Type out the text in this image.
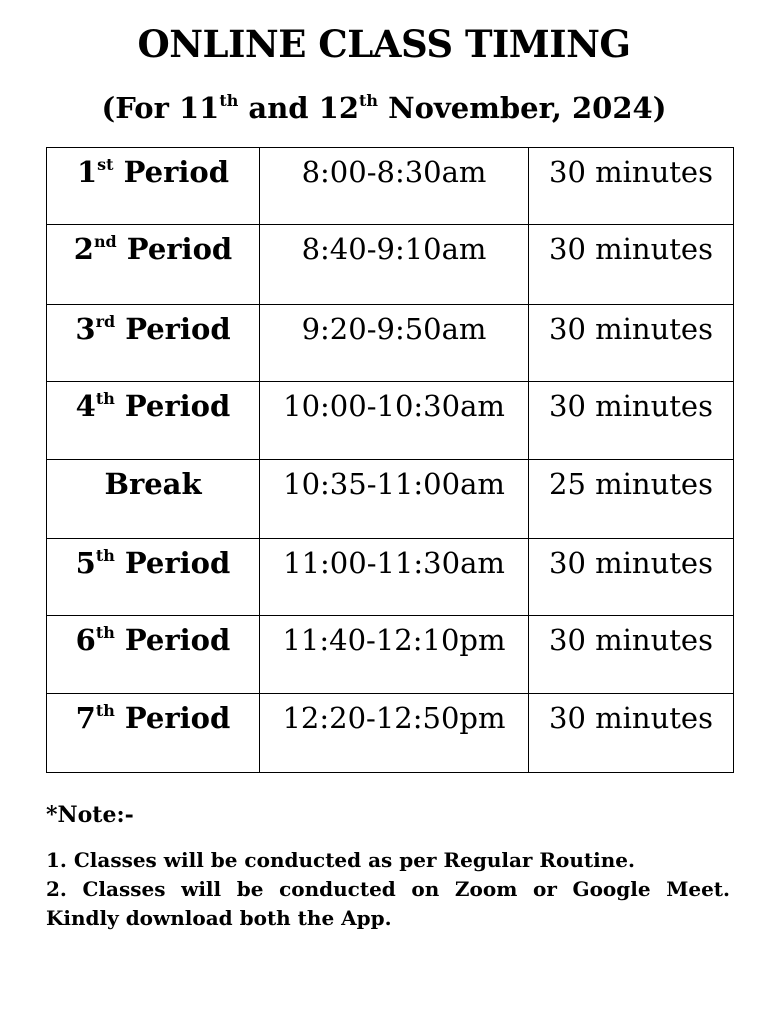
ONLINE CLASS TIMING
(For 11th and 12th November, 2024)
1st Period	8:00-8:30am	30 minutes
2nd Period	8:40-9:10am	30 minutes
3rd Period	9:20-9:50am	30 minutes
4th Period	10:00-10:30am	30 minutes
Break	10:35-11:00am	25 minutes
5th Period	11:00-11:30am	30 minutes
6th Period	11:40-12:10pm	30 minutes
7th Period	12:20-12:50pm	30 minutes

*Note:-

1. Classes will be conducted as per Regular Routine.
2. Classes will be conducted on Zoom or Google Meet.
Kindly download both the App.
